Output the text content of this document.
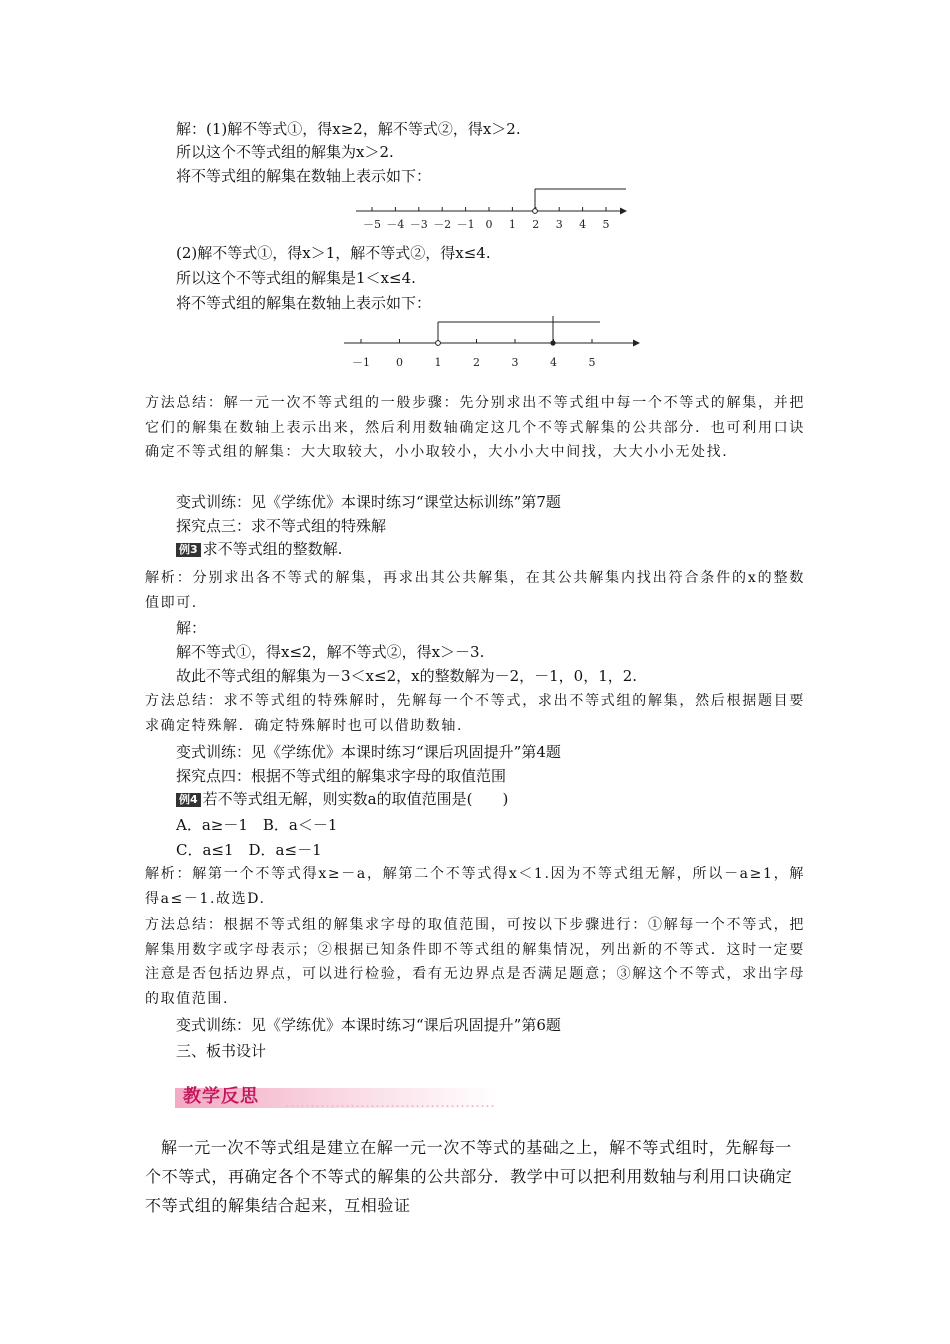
解：(1)解不等式①，得x≥2，解不等式②，得x＞2.
所以这个不等式组的解集为x＞2.
将不等式组的解集在数轴上表示如下：
－5 －4 －3 －2 －1 0 1 2 3 4 5
(2)解不等式①，得x＞1，解不等式②，得x≤4.
所以这个不等式组的解集是1＜x≤4.
将不等式组的解集在数轴上表示如下：
－1 0	1	2	3	4	5
方法总结：解一元一次不等式组的一般步骤：先分别求出不等式组中每一个不等式的解集，并把它们的解集在数轴上表示出来，然后利用数轴确定这几个不等式解集的公共部分．也可利用口诀确定不等式组的解集：大大取较大，小小取较小，大小小大中间找，大大小小无处找.
变式训练：见《学练优》本课时练习“课堂达标训练”第7题
探究点三：求不等式组的特殊解
例3 求不等式组的整数解.
解析：分别求出各不等式的解集，再求出其公共解集，在其公共解集内找出符合条件的x的整数值即可.
解：
解不等式①，得x≤2，解不等式②，得x＞－3.
故此不等式组的解集为－3＜x≤2，x的整数解为－2，－1，0，1，2.
方法总结：求不等式组的特殊解时，先解每一个不等式，求出不等式组的解集，然后根据题目要求确定特殊解．确定特殊解时也可以借助数轴.
变式训练：见《学练优》本课时练习“课后巩固提升”第4题
探究点四：根据不等式组的解集求字母的取值范围
例4 若不等式组无解，则实数a的取值范围是(　　)
A．a≥－1　B．a＜－1
C．a≤1　D．a≤－1
解析：解第一个不等式得x≥－a，解第二个不等式得x＜1.因为不等式组无解，所以－a≥1，解得a≤－1.故选D.
方法总结：根据不等式组的解集求字母的取值范围，可按以下步骤进行：①解每一个不等式，把解集用数字或字母表示；②根据已知条件即不等式组的解集情况，列出新的不等式．这时一定要注意是否包括边界点，可以进行检验，看有无边界点是否满足题意；③解这个不等式，求出字母的取值范围.
变式训练：见《学练优》本课时练习“课后巩固提升”第6题
三、板书设计
教学反思
解一元一次不等式组是建立在解一元一次不等式的基础之上，解不等式组时，先解每一个不等式，再确定各个不等式的解集的公共部分．教学中可以把利用数轴与利用口诀确定不等式组的解集结合起来，互相验证
